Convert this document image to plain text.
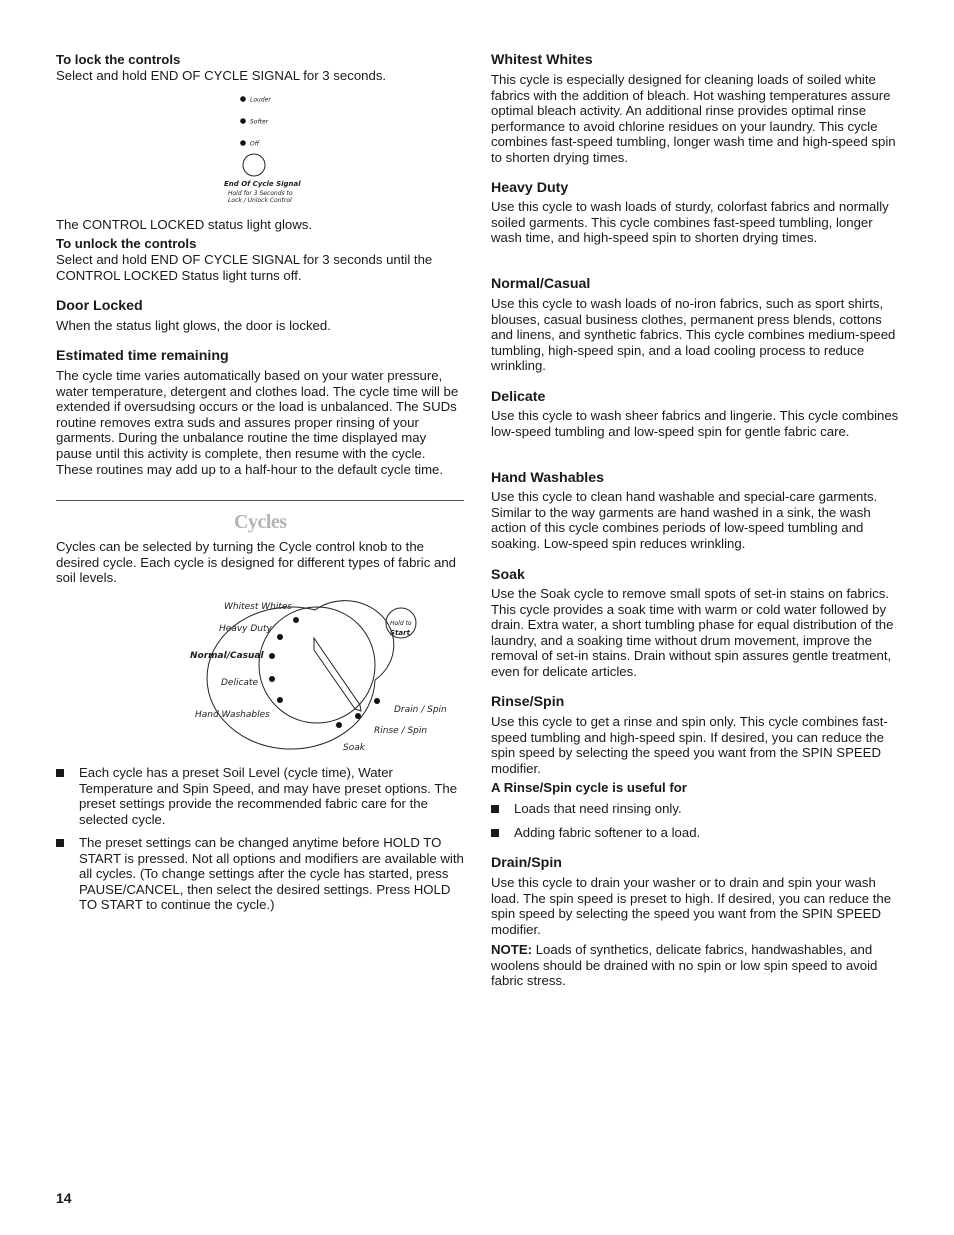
To lock the controls

Select and hold END OF CYCLE SIGNAL for 3 seconds.

Louder
Softer
Off
End Of Cycle Signal
Hold for 3 Seconds to
Lock / Unlock Control

The CONTROL LOCKED status light glows.

To unlock the controls

Select and hold END OF CYCLE SIGNAL for 3 seconds until the CONTROL LOCKED Status light turns off.

Door Locked

When the status light glows, the door is locked.

Estimated time remaining

The cycle time varies automatically based on your water pressure, water temperature, detergent and clothes load. The cycle time will be extended if oversudsing occurs or the load is unbalanced. The SUDs routine removes extra suds and assures proper rinsing of your garments. During the unbalance routine the time displayed may pause until this activity is complete, then resume with the cycle. These routines may add up to a half-hour to the default cycle time.

Cycles

Cycles can be selected by turning the Cycle control knob to the desired cycle. Each cycle is designed for different types of fabric and soil levels.

Hold to
Start
Whitest Whites
Heavy Duty
Normal/Casual
Delicate
Hand Washables	Drain / Spin
Rinse / Spin
Soak

Each cycle has a preset Soil Level (cycle time), Water Temperature and Spin Speed, and may have preset options. The preset settings provide the recommended fabric care for the selected cycle.

The preset settings can be changed anytime before HOLD TO START is pressed. Not all options and modifiers are available with all cycles. (To change settings after the cycle has started, press PAUSE/CANCEL, then select the desired settings. Press HOLD TO START to continue the cycle.)

Whitest Whites

This cycle is especially designed for cleaning loads of soiled white fabrics with the addition of bleach. Hot washing temperatures assure optimal bleach activity. An additional rinse provides optimal rinse performance to avoid chlorine residues on your laundry. This cycle combines fast-speed tumbling, longer wash time and high-speed spin to shorten drying times.

Heavy Duty

Use this cycle to wash loads of sturdy, colorfast fabrics and normally soiled garments. This cycle combines fast-speed tumbling, longer wash time, and high-speed spin to shorten drying times.

Normal/Casual

Use this cycle to wash loads of no-iron fabrics, such as sport shirts, blouses, casual business clothes, permanent press blends, cottons and linens, and synthetic fabrics. This cycle combines medium-speed tumbling, high-speed spin, and a load cooling process to reduce wrinkling.

Delicate

Use this cycle to wash sheer fabrics and lingerie. This cycle combines low-speed tumbling and low-speed spin for gentle fabric care.

Hand Washables

Use this cycle to clean hand washable and special-care garments. Similar to the way garments are hand washed in a sink, the wash action of this cycle combines periods of low-speed tumbling and soaking. Low-speed spin reduces wrinkling.

Soak

Use the Soak cycle to remove small spots of set-in stains on fabrics. This cycle provides a soak time with warm or cold water followed by drain. Extra water, a short tumbling phase for equal distribution of the laundry, and a soaking time without drum movement, improve the removal of set-in stains. Drain without spin assures gentle treatment, even for delicate articles.

Rinse/Spin

Use this cycle to get a rinse and spin only. This cycle combines fast-speed tumbling and high-speed spin. If desired, you can reduce the spin speed by selecting the speed you want from the SPIN SPEED modifier.

A Rinse/Spin cycle is useful for

Loads that need rinsing only.

Adding fabric softener to a load.

Drain/Spin

Use this cycle to drain your washer or to drain and spin your wash load. The spin speed is preset to high. If desired, you can reduce the spin speed by selecting the speed you want from the SPIN SPEED modifier.

NOTE: Loads of synthetics, delicate fabrics, handwashables, and woolens should be drained with no spin or low spin speed to avoid fabric stress.

14
